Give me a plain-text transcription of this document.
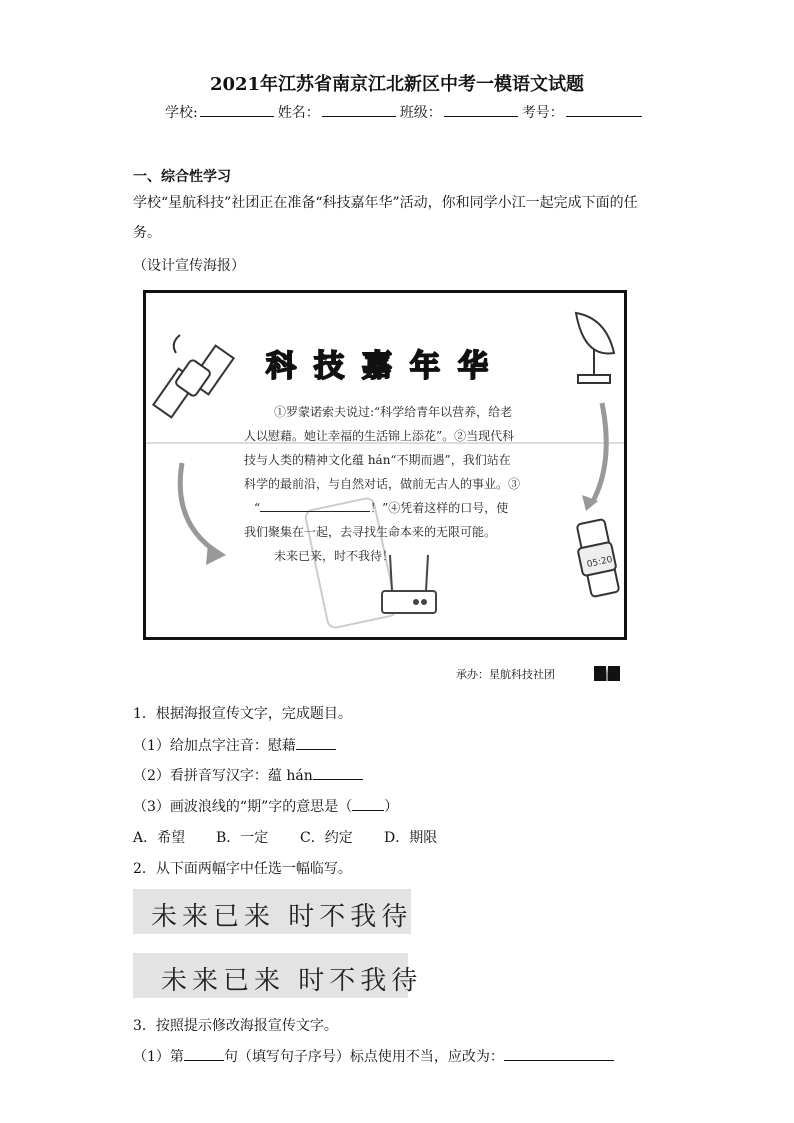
2021年江苏省南京江北新区中考一模语文试题
学校:	姓名：	班级：	考号：
一、综合性学习
学校“星航科技”社团正在准备“科技嘉年华”活动，你和同学小江一起完成下面的任
务。
（设计宣传海报）
05:20
科技嘉年华
①罗蒙诺索夫说过:“科学给青年以营养，给老
人以慰藉。她让幸福的生活锦上添花”。②当现代科
技与人类的精神文化蕴 hán“不期而遇”，我们站在
科学的最前沿，与自然对话，做前无古人的事业。③
“	！”④凭着这样的口号，使
我们聚集在一起，去寻找生命本来的无限可能。
未来已来，时不我待！
承办：星航科技社团
1．根据海报宣传文字，完成题目。
（1）给加点字注音：慰藉
（2）看拼音写汉字：蕴 hán
（3）画波浪线的“期”字的意思是（ ）
A．希望 B．一定 C．约定 D．期限
2．从下面两幅字中任选一幅临写。
未来已来 时不我待
未来已来 时不我待
3．按照提示修改海报宣传文字。
（1）第	句（填写句子序号）标点使用不当，应改为：
